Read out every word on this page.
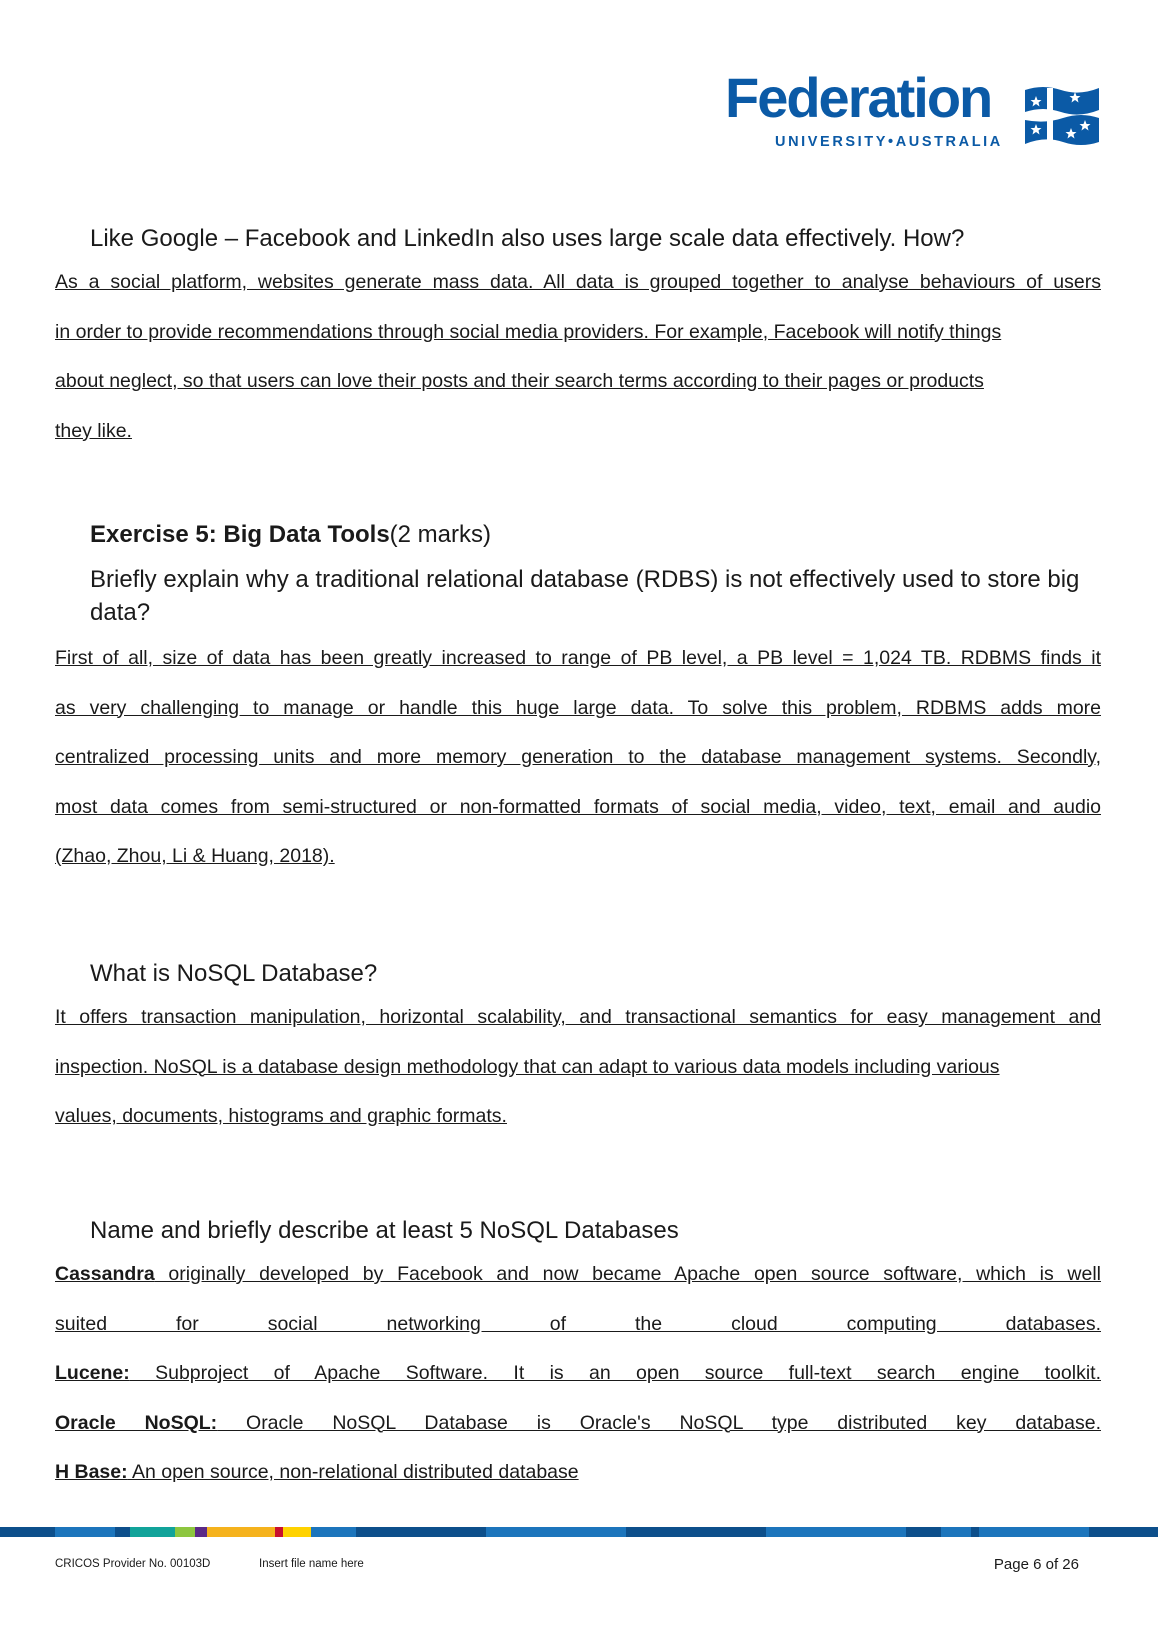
Federation
UNIVERSITY•AUSTRALIA
Like Google – Facebook and LinkedIn also uses large scale data effectively. How?
As a social platform, websites generate mass data. All data is grouped together to analyse behaviours of users
in order to provide recommendations through social media providers. For example, Facebook will notify things
about neglect, so that users can love their posts and their search terms according to their pages or products
they like.
Exercise 5: Big Data Tools(2 marks)
Briefly explain why a traditional relational database (RDBS) is not effectively used to store big data?
First of all, size of data has been greatly increased to range of PB level, a PB level = 1,024 TB. RDBMS finds it
as very challenging to manage or handle this huge large data. To solve this problem, RDBMS adds more
centralized processing units and more memory generation to the database management systems. Secondly,
most data comes from semi-structured or non-formatted formats of social media, video, text, email and audio
(Zhao, Zhou, Li & Huang, 2018).
What is NoSQL Database?
It offers transaction manipulation, horizontal scalability, and transactional semantics for easy management and
inspection. NoSQL is a database design methodology that can adapt to various data models including various
values, documents, histograms and graphic formats.
Name and briefly describe at least 5 NoSQL Databases
Cassandra originally developed by Facebook and now became Apache open source software, which is well
suited for social networking of the cloud computing databases.
Lucene: Subproject of Apache Software. It is an open source full-text search engine toolkit.
Oracle NoSQL: Oracle NoSQL Database is Oracle's NoSQL type distributed key database.
H Base: An open source, non-relational distributed database
CRICOS Provider No. 00103D	Insert file name here	Page 6 of 26
